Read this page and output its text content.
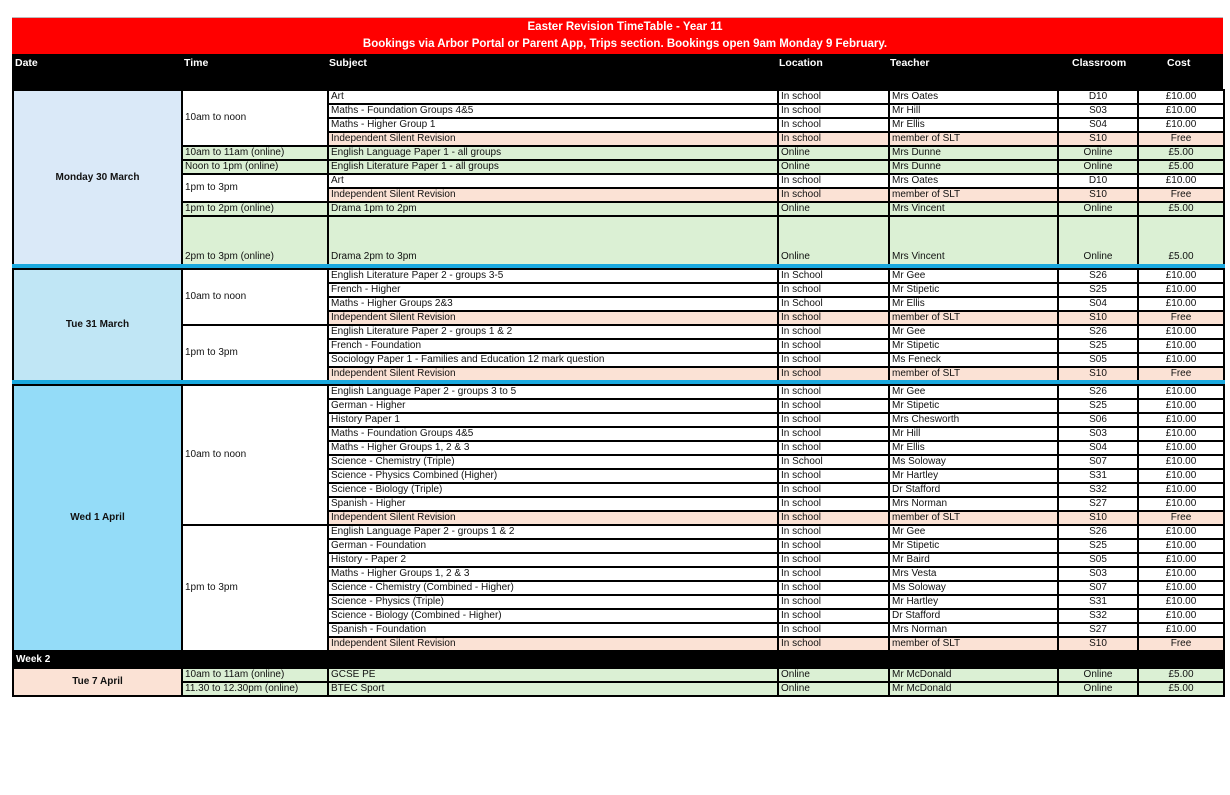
Easter Revision TimeTable - Year 11
Bookings via Arbor Portal or Parent App, Trips section. Bookings open 9am Monday 9 February.
Date	Time	Subject	Location	Teacher	Classroom	Cost
Monday 30 March	10am to noon	Art	In school	Mrs Oates	D10	£10.00
		Maths - Foundation Groups 4&5	In school	Mr Hill	S03	£10.00
		Maths - Higher Group 1	In school	Mr Ellis	S04	£10.00
		Independent Silent Revision	In school	member of SLT	S10	Free
	10am to 11am (online)	English Language Paper 1 - all groups	Online	Mrs Dunne	Online	£5.00
	Noon to 1pm (online)	English Literature Paper 1 - all groups	Online	Mrs Dunne	Online	£5.00
	1pm to 3pm	Art	In school	Mrs Oates	D10	£10.00
		Independent Silent Revision	In school	member of SLT	S10	Free
	1pm to 2pm (online)	Drama 1pm to 2pm	Online	Mrs Vincent	Online	£5.00
	2pm to 3pm (online)	Drama 2pm to 3pm	Online	Mrs Vincent	Online	£5.00

Tue 31 March	10am to noon	English Literature Paper 2 - groups 3-5	In School	Mr Gee	S26	£10.00
		French - Higher	In school	Mr Stipetic	S25	£10.00
		Maths - Higher Groups 2&3	In School	Mr Ellis	S04	£10.00
		Independent Silent Revision	In school	member of SLT	S10	Free
	1pm to 3pm	English Literature Paper 2 - groups 1 & 2	In school	Mr Gee	S26	£10.00
		French - Foundation	In school	Mr Stipetic	S25	£10.00
		Sociology Paper 1 - Families and Education 12 mark question	In school	Ms Feneck	S05	£10.00
		Independent Silent Revision	In school	member of SLT	S10	Free

Wed 1 April	10am to noon	English Language Paper 2 - groups 3 to 5	In school	Mr Gee	S26	£10.00
		German - Higher	In school	Mr Stipetic	S25	£10.00
		History Paper 1	In school	Mrs Chesworth	S06	£10.00
		Maths - Foundation Groups 4&5	In school	Mr Hill	S03	£10.00
		Maths - Higher Groups 1, 2 & 3	In school	Mr Ellis	S04	£10.00
		Science - Chemistry (Triple)	In School	Ms Soloway	S07	£10.00
		Science - Physics Combined (Higher)	In school	Mr Hartley	S31	£10.00
		Science - Biology (Triple)	In school	Dr Stafford	S32	£10.00
		Spanish - Higher	In school	Mrs Norman	S27	£10.00
		Independent Silent Revision	In school	member of SLT	S10	Free
	1pm to 3pm	English Language Paper 2 - groups 1 & 2	In school	Mr Gee	S26	£10.00
		German - Foundation	In school	Mr Stipetic	S25	£10.00
		History - Paper 2	In school	Mr Baird	S05	£10.00
		Maths - Higher Groups 1, 2 & 3	In school	Mrs Vesta	S03	£10.00
		Science - Chemistry (Combined - Higher)	In school	Ms Soloway	S07	£10.00
		Science - Physics (Triple)	In school	Mr Hartley	S31	£10.00
		Science - Biology (Combined - Higher)	In school	Dr Stafford	S32	£10.00
		Spanish - Foundation	In school	Mrs Norman	S27	£10.00
		Independent Silent Revision	In school	member of SLT	S10	Free
Week 2						
Tue 7 April	10am to 11am (online)	GCSE PE	Online	Mr McDonald	Online	£5.00
	11.30 to 12.30pm (online)	BTEC Sport	Online	Mr McDonald	Online	£5.00
